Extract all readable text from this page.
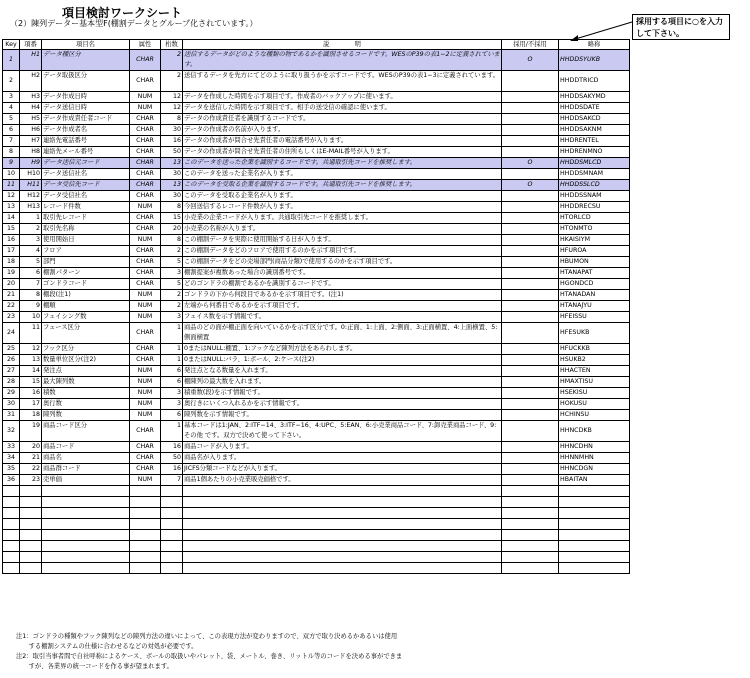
項目検討ワークシート
（2）陳列データー基本型F(棚割データとグループ化されています。）	採用する項目に○を入力して下さい。
Key	項番	項目名	属性	桁数	説　　　　明	採用/不採用	略称
1	H1	データ種区分	CHAR	2	送信するデータがどのような種類の物であるかを識別させるコードです。WESのP39の表1−2に定義されています。	O	HHDDSYUKB
2	H2	データ取扱区分	CHAR	2	送信するデータを先方にてどのように取り扱うかを示すコードです。WESのP39の表1−3に定義されています。		HHDDTRICD
3	H3	データ作成日時	NUM	12	データを作成した時間を示す項目です。作成者のバックアップに使います。		HHDDSAKYMD
4	H4	データ送信日時	NUM	12	データを送信した時間を示す項目です。相手の送受信の確認に使います。		HHDDSDATE
5	H5	データ作成責任者コード	CHAR	8	データの作成責任者を識別するコードです。		HHDDSAKCD
6	H6	データ作成者名	CHAR	30	データの作成者の名前が入ります。		HHDDSAKNM
7	H7	連絡先電話番号	CHAR	16	データの作成者が問合せ先責任者の電話番号が入ります。		HHDRENTEL
8	H8	連絡先メール番号	CHAR	50	データの作成者が問合せ先責任者の住所もしくはE-MAIL番号が入ります。		HHDRENMNO
9	H9	データ送信元コード	CHAR	13	このデータを送った企業を識別するコードです。共通取引先コードを推奨します。	O	HHDDSMLCD
10	H10	データ送信社名	CHAR	30	このデータを送った企業名が入ります。		HHDDSMNAM
11	H11	データ受信先コード	CHAR	13	このデータを受取る企業を識別するコードです。共通取引先コードを推奨します。	O	HHDDSSLCD
12	H12	データ受信社名	CHAR	30	このデータを受取る企業名が入ります。		HHDDSSNAM
13	H13	レコード件数	NUM	8	今回送信するレコード件数が入ります。		HHDDRECSU
14	1	取引先レコード	CHAR	15	小売業の企業コードが入ります。共通取引先コードを推奨します。		HTORLCD
15	2	取引先名称	CHAR	20	小売業の名称が入ります。		HTONMTO
16	3	使用開始日	NUM	8	この棚割データを実際に使用開始する日が入ります。		HKAISIYM
17	4	フロア	CHAR	2	この棚割データをどのフロアで使用するのかを示す項目です。		HFUROA
18	5	部門	CHAR	5	この棚割データをどの売場部門(商品分類)で使用するのかを示す項目です。		HBUMON
19	6	棚割パターン	CHAR	3	棚割提案が複数あった場合の識別番号です。		HTANAPAT
20	7	ゴンドラコード	CHAR	5	どのゴンドラの棚割であるかを識別するコードです。		HGONDCD
21	8	棚段(注1)	NUM	2	ゴンドラの下から何段目であるかを示す項目です。(注1)		HTANADAN
22	9	棚順	NUM	2	左端から何番目であるかを示す項目です。		HTANAJYU
23	10	フェイシング数	NUM	3	フェイス数を示す情報です。		HFEISSU
24	11	フェース区分	CHAR	1	商品のどの面が棚正面を向いているかを示す区分です。0:正面、1:上面、2:側面、3:正面横置、4:上面横置、5:側面横置		HFESUKB
25	12	フック区分	CHAR	1	0またはNULL:棚置、1:フックなど陳列方法をあらわします。		HFUCKKB
26	13	数量単位区分(注2)	CHAR	1	0またはNULL:バラ、1:ボール、2:ケース(注2)		HSUKB2
27	14	発注点	NUM	6	発注点となる数量を入れます。		HHACTEN
28	15	最大陳列数	NUM	6	棚陳列の最大数を入れます。		HMAXTISU
29	16	積数	NUM	3	積重数(段)を示す情報です。		HSEKISU
30	17	奥行数	NUM	3	奥行きにいくつ入れるかを示す情報です。		HOKUSU
31	18	陳列数	NUM	6	陳列数を示す情報です。		HCHINSU
32	19	商品コード区分	CHAR	1	基本コードは1:JAN、2:ITF−14、3:ITF−16、4:UPC、5:EAN、6:小売業商品コード、7:卸売業商品コード、9:その他 です。双方で決めて使って下さい。		HHNCDKB
33	20	商品コード	CHAR	16	商品コードが入ります。		HHNCDHN
34	21	商品名	CHAR	50	商品名が入ります。		HHNNMHN
35	22	商品群コード	CHAR	16	JICFS分類コードなどが入ります。		HHNCDGN
36	23	売単価	NUM	7	商品1個あたりの小売業販売価格です。		HBAITAN

注1：ゴンドラの種類やフック陳列などの陳列方法の違いによって、この表現方法が変わりますので、双方で取り決めるかあるいは使用
　　する棚割システムの仕様に合わせるなどの対処が必要です。
注2：取引当事者間で自社呼称によるケース、ボールの取扱いやパレット、袋、メートル、巻き、リットル等のコードを決める事ができま
　　すが、各業界の統一コードを作る事が望まれます。
